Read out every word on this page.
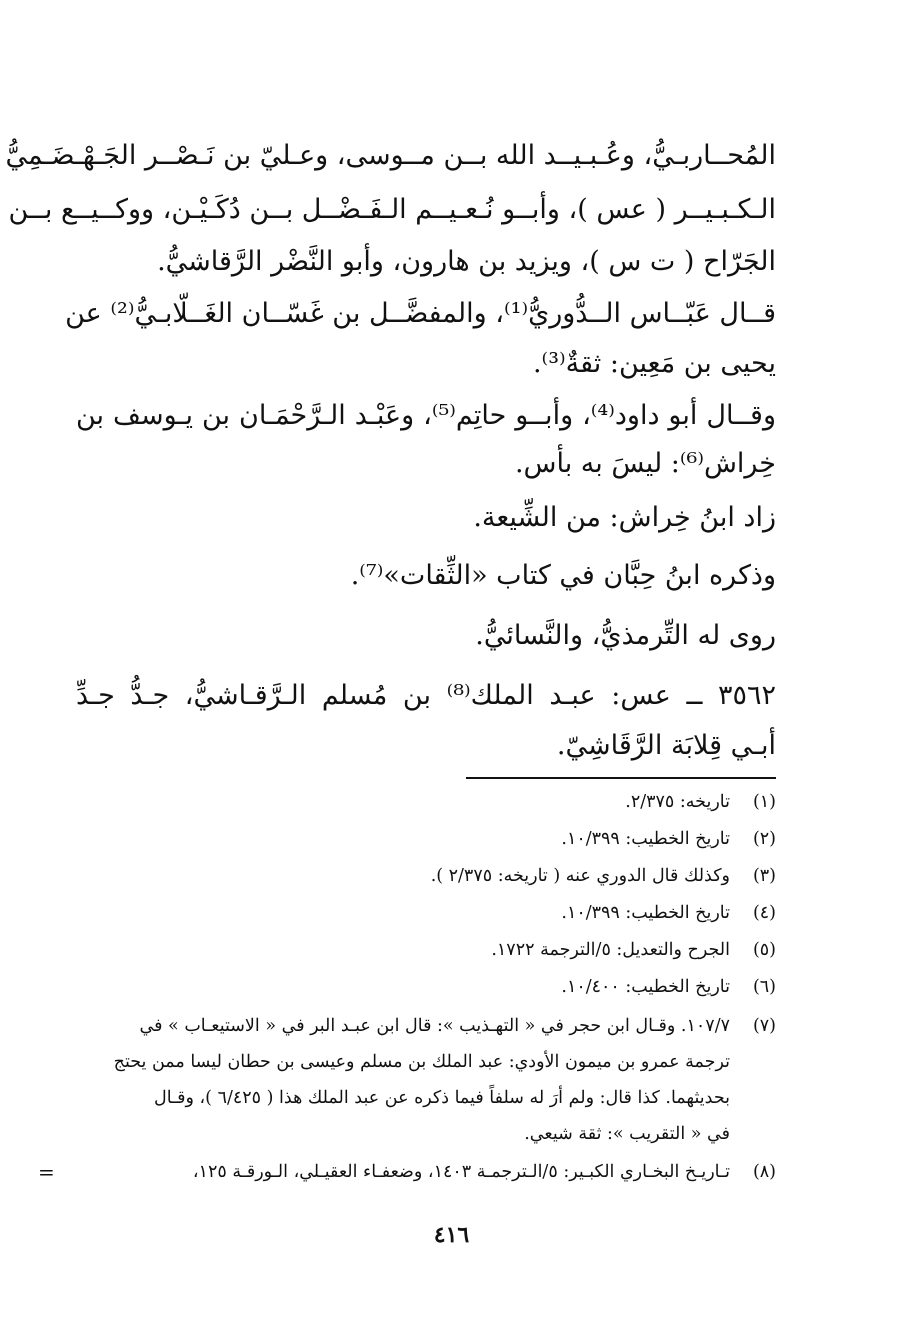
المُحــاربـيُّ، وعُـبـيــد الله بــن مــوسى، وعـليّ بن نَـصْــر الجَـهْـضَـمِيُّ
الـكـبـيــر ( عس )، وأبــو نُـعـيــم الـفَـضْــل بــن دُكَـيْـن، ووكــيــع بــن
الجَرّاح ( ت س )، ويزيد بن هارون، وأبو النَّضْر الرَّقاشيُّ.
قــال عَبّــاس الــدُّوريُّ⁽¹⁾، والمفضَّــل بن غَسّــان الغَــلّابـيُّ⁽²⁾ عن
يحيى بن مَعِين: ثقةٌ⁽³⁾.
وقــال أبو داود⁽⁴⁾، وأبــو حاتِم⁽⁵⁾، وعَبْـد الـرَّحْمَـان بن يـوسف بن
خِراش⁽⁶⁾: ليسَ به بأس.
زاد ابنُ خِراش: من الشِّيعة.
وذكره ابنُ حِبَّان في كتاب «الثِّقات»⁽⁷⁾.
روى له التِّرمذيُّ، والنَّسائيُّ.
٣٥٦٢ ــ عس: عبـد الملك⁽⁸⁾ بن مُسلم الـرَّقـاشيُّ، جـدُّ جـدِّ
أبـي قِلابَة الرَّقَاشِيّ.
(١)
تاريخه: ٢/٣٧٥.
(٢)
تاريخ الخطيب: ١٠/٣٩٩.
(٣)
وكذلك قال الدوري عنه ( تاريخه: ٢/٣٧٥ ).
(٤)
تاريخ الخطيب: ١٠/٣٩٩.
(٥)
الجرح والتعديل: ٥/الترجمة ١٧٢٢.
(٦)
تاريخ الخطيب: ١٠/٤٠٠.
(٧)
١٠٧/٧. وقـال ابن حجر في « التهـذيب »: قال ابن عبـد البر في « الاستيعـاب » في
ترجمة عمرو بن ميمون الأودي: عبد الملك بن مسلم وعيسى بن حطان ليسا ممن يحتج
بحديثهما. كذا قال: ولم أرَ له سلفاً فيما ذكره عن عبد الملك هذا ( ٦/٤٢٥ )، وقـال
في « التقريب »: ثقة شيعي.
(٨)
تـاريـخ البخـاري الكبـير: ٥/الـترجمـة ١٤٠٣، وضعفـاء العقيـلي، الـورقـة ١٢٥،
=
٤١٦
